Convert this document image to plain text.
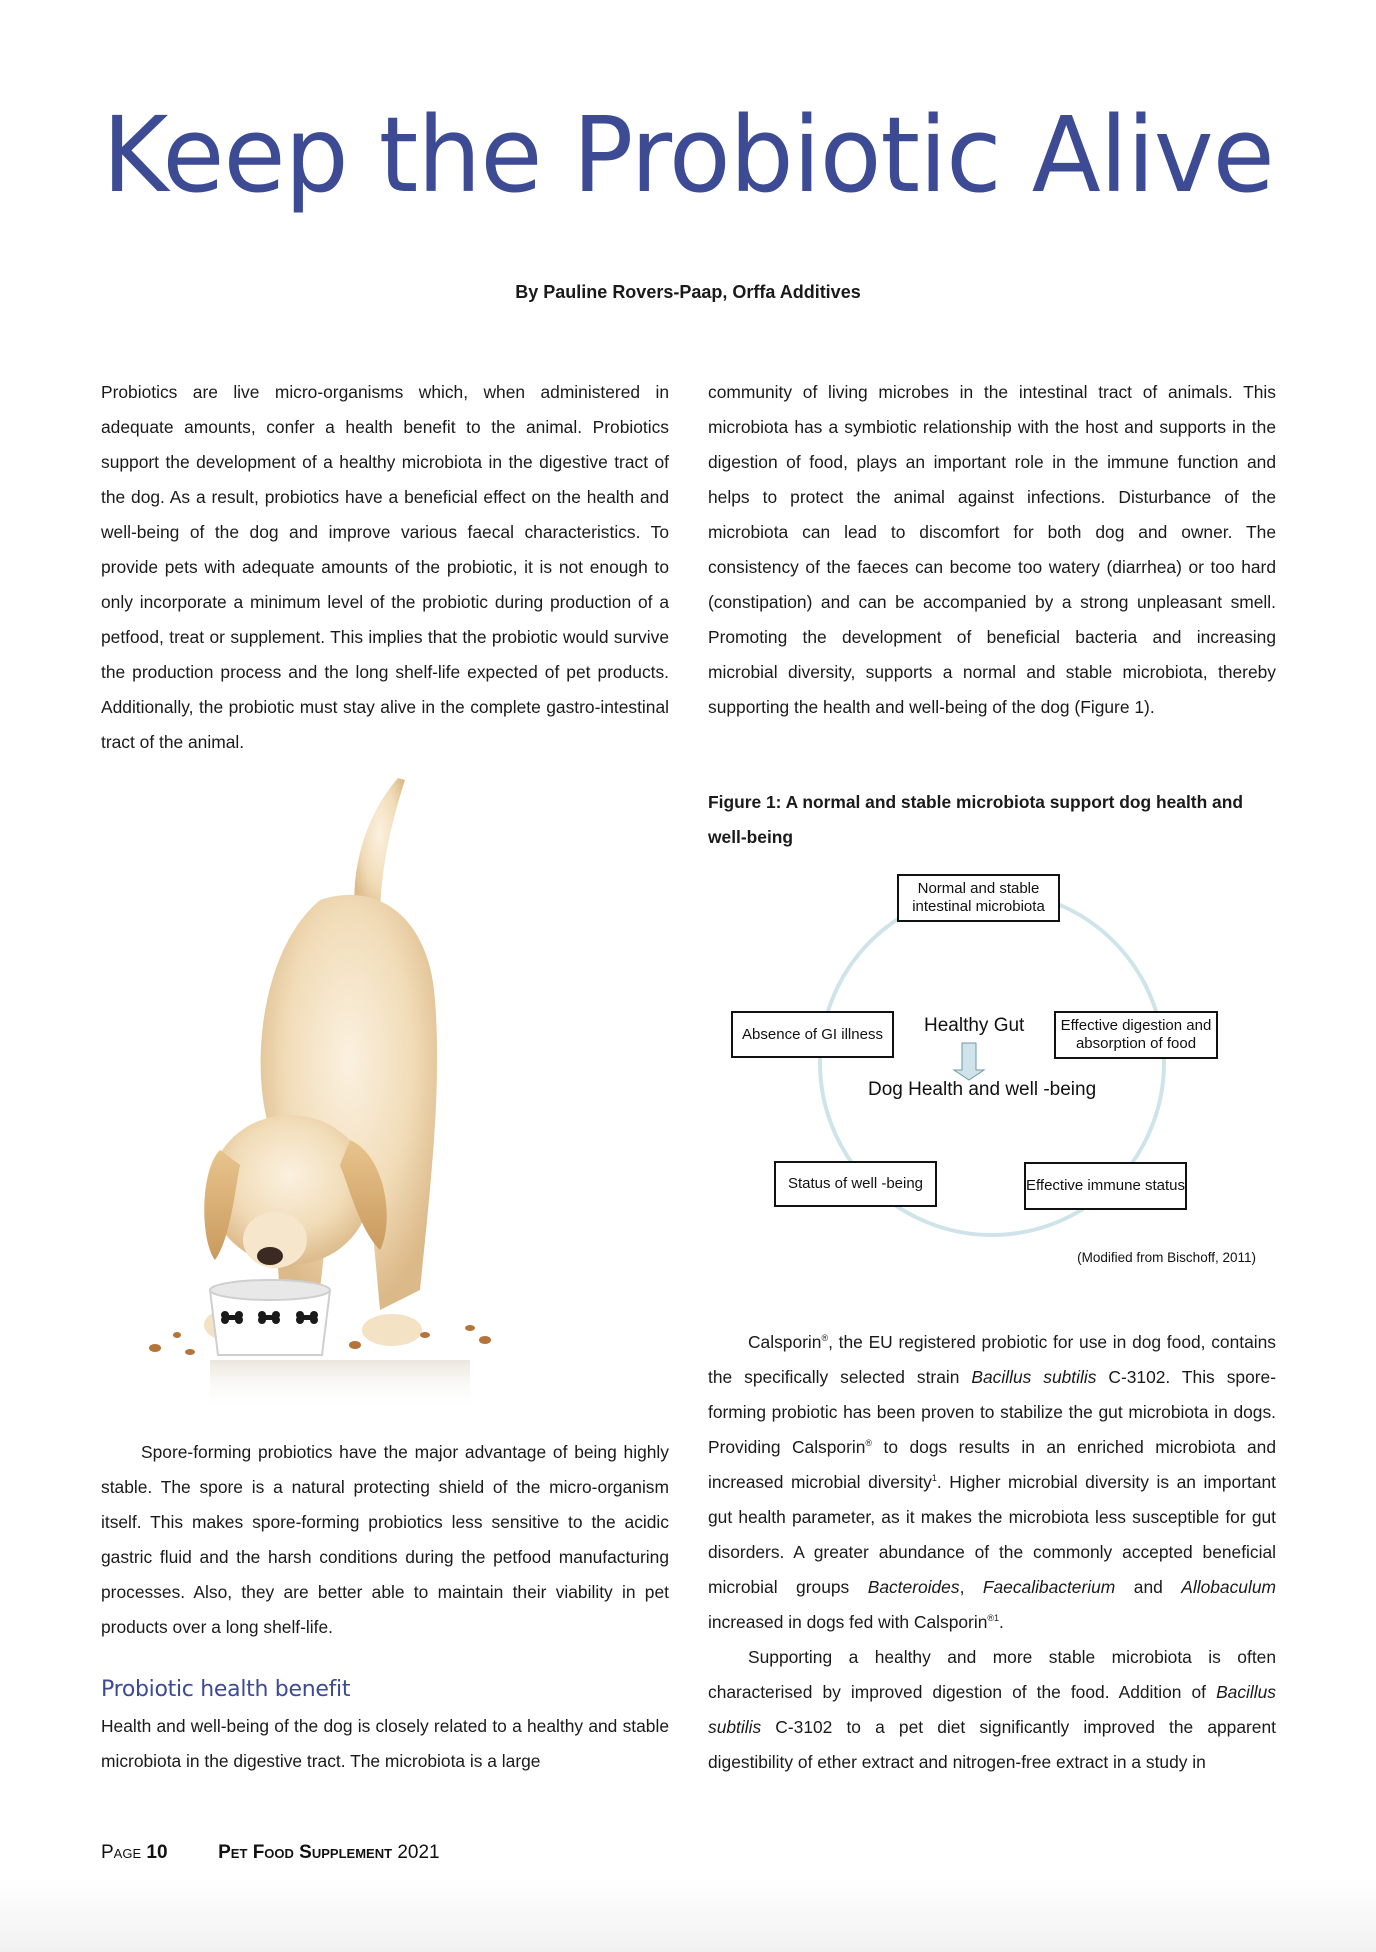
Keep the Probiotic Alive
By Pauline Rovers-Paap, Orffa Additives

Probiotics are live micro-organisms which, when administered in adequate amounts, confer a health benefit to the animal. Probiotics support the development of a healthy microbiota in the digestive tract of the dog. As a result, probiotics have a beneficial effect on the health and well-being of the dog and improve various faecal characteristics. To provide pets with adequate amounts of the probiotic, it is not enough to only incorporate a minimum level of the probiotic during production of a petfood, treat or supplement. This implies that the probiotic would survive the production process and the long shelf-life expected of pet products. Additionally, the probiotic must stay alive in the complete gastro-intestinal tract of the animal.

Spore-forming probiotics have the major advantage of being highly stable. The spore is a natural protecting shield of the micro-organism itself. This makes spore-forming probiotics less sensitive to the acidic gastric fluid and the harsh conditions during the petfood manufacturing processes. Also, they are better able to maintain their viability in pet products over a long shelf-life.

Probiotic health benefit

Health and well-being of the dog is closely related to a healthy and stable microbiota in the digestive tract. The microbiota is a large

community of living microbes in the intestinal tract of animals. This microbiota has a symbiotic relationship with the host and supports in the digestion of food, plays an important role in the immune function and helps to protect the animal against infections. Disturbance of the microbiota can lead to discomfort for both dog and owner. The consistency of the faeces can become too watery (diarrhea) or too hard (constipation) and can be accompanied by a strong unpleasant smell. Promoting the development of beneficial bacteria and increasing microbial diversity, supports a normal and stable microbiota, thereby supporting the health and well-being of the dog (Figure 1).

Figure 1: A normal and stable microbiota support dog health and well-being
Normal and stable intestinal microbiota
Effective digestion and absorption of food
Effective immune status
Status of well -being
Absence of GI illness	Healthy Gut
Dog Health and well -being
(Modified from Bischoff, 2011)

Calsporin®, the EU registered probiotic for use in dog food, contains the specifically selected strain Bacillus subtilis C-3102. This spore-forming probiotic has been proven to stabilize the gut microbiota in dogs. Providing Calsporin® to dogs results in an enriched microbiota and increased microbial diversity$^1$. Higher microbial diversity is an important gut health parameter, as it makes the microbiota less susceptible for gut disorders. A greater abundance of the commonly accepted beneficial microbial groups Bacteroides, Faecalibacterium and Allobaculum increased in dogs fed with Calsporin$^{®1}$.

Supporting a healthy and more stable microbiota is often characterised by improved digestion of the food. Addition of Bacillus subtilis C-3102 to a pet diet significantly improved the apparent digestibility of ether extract and nitrogen-free extract in a study in

Page 10	Pet Food Supplement 2021
